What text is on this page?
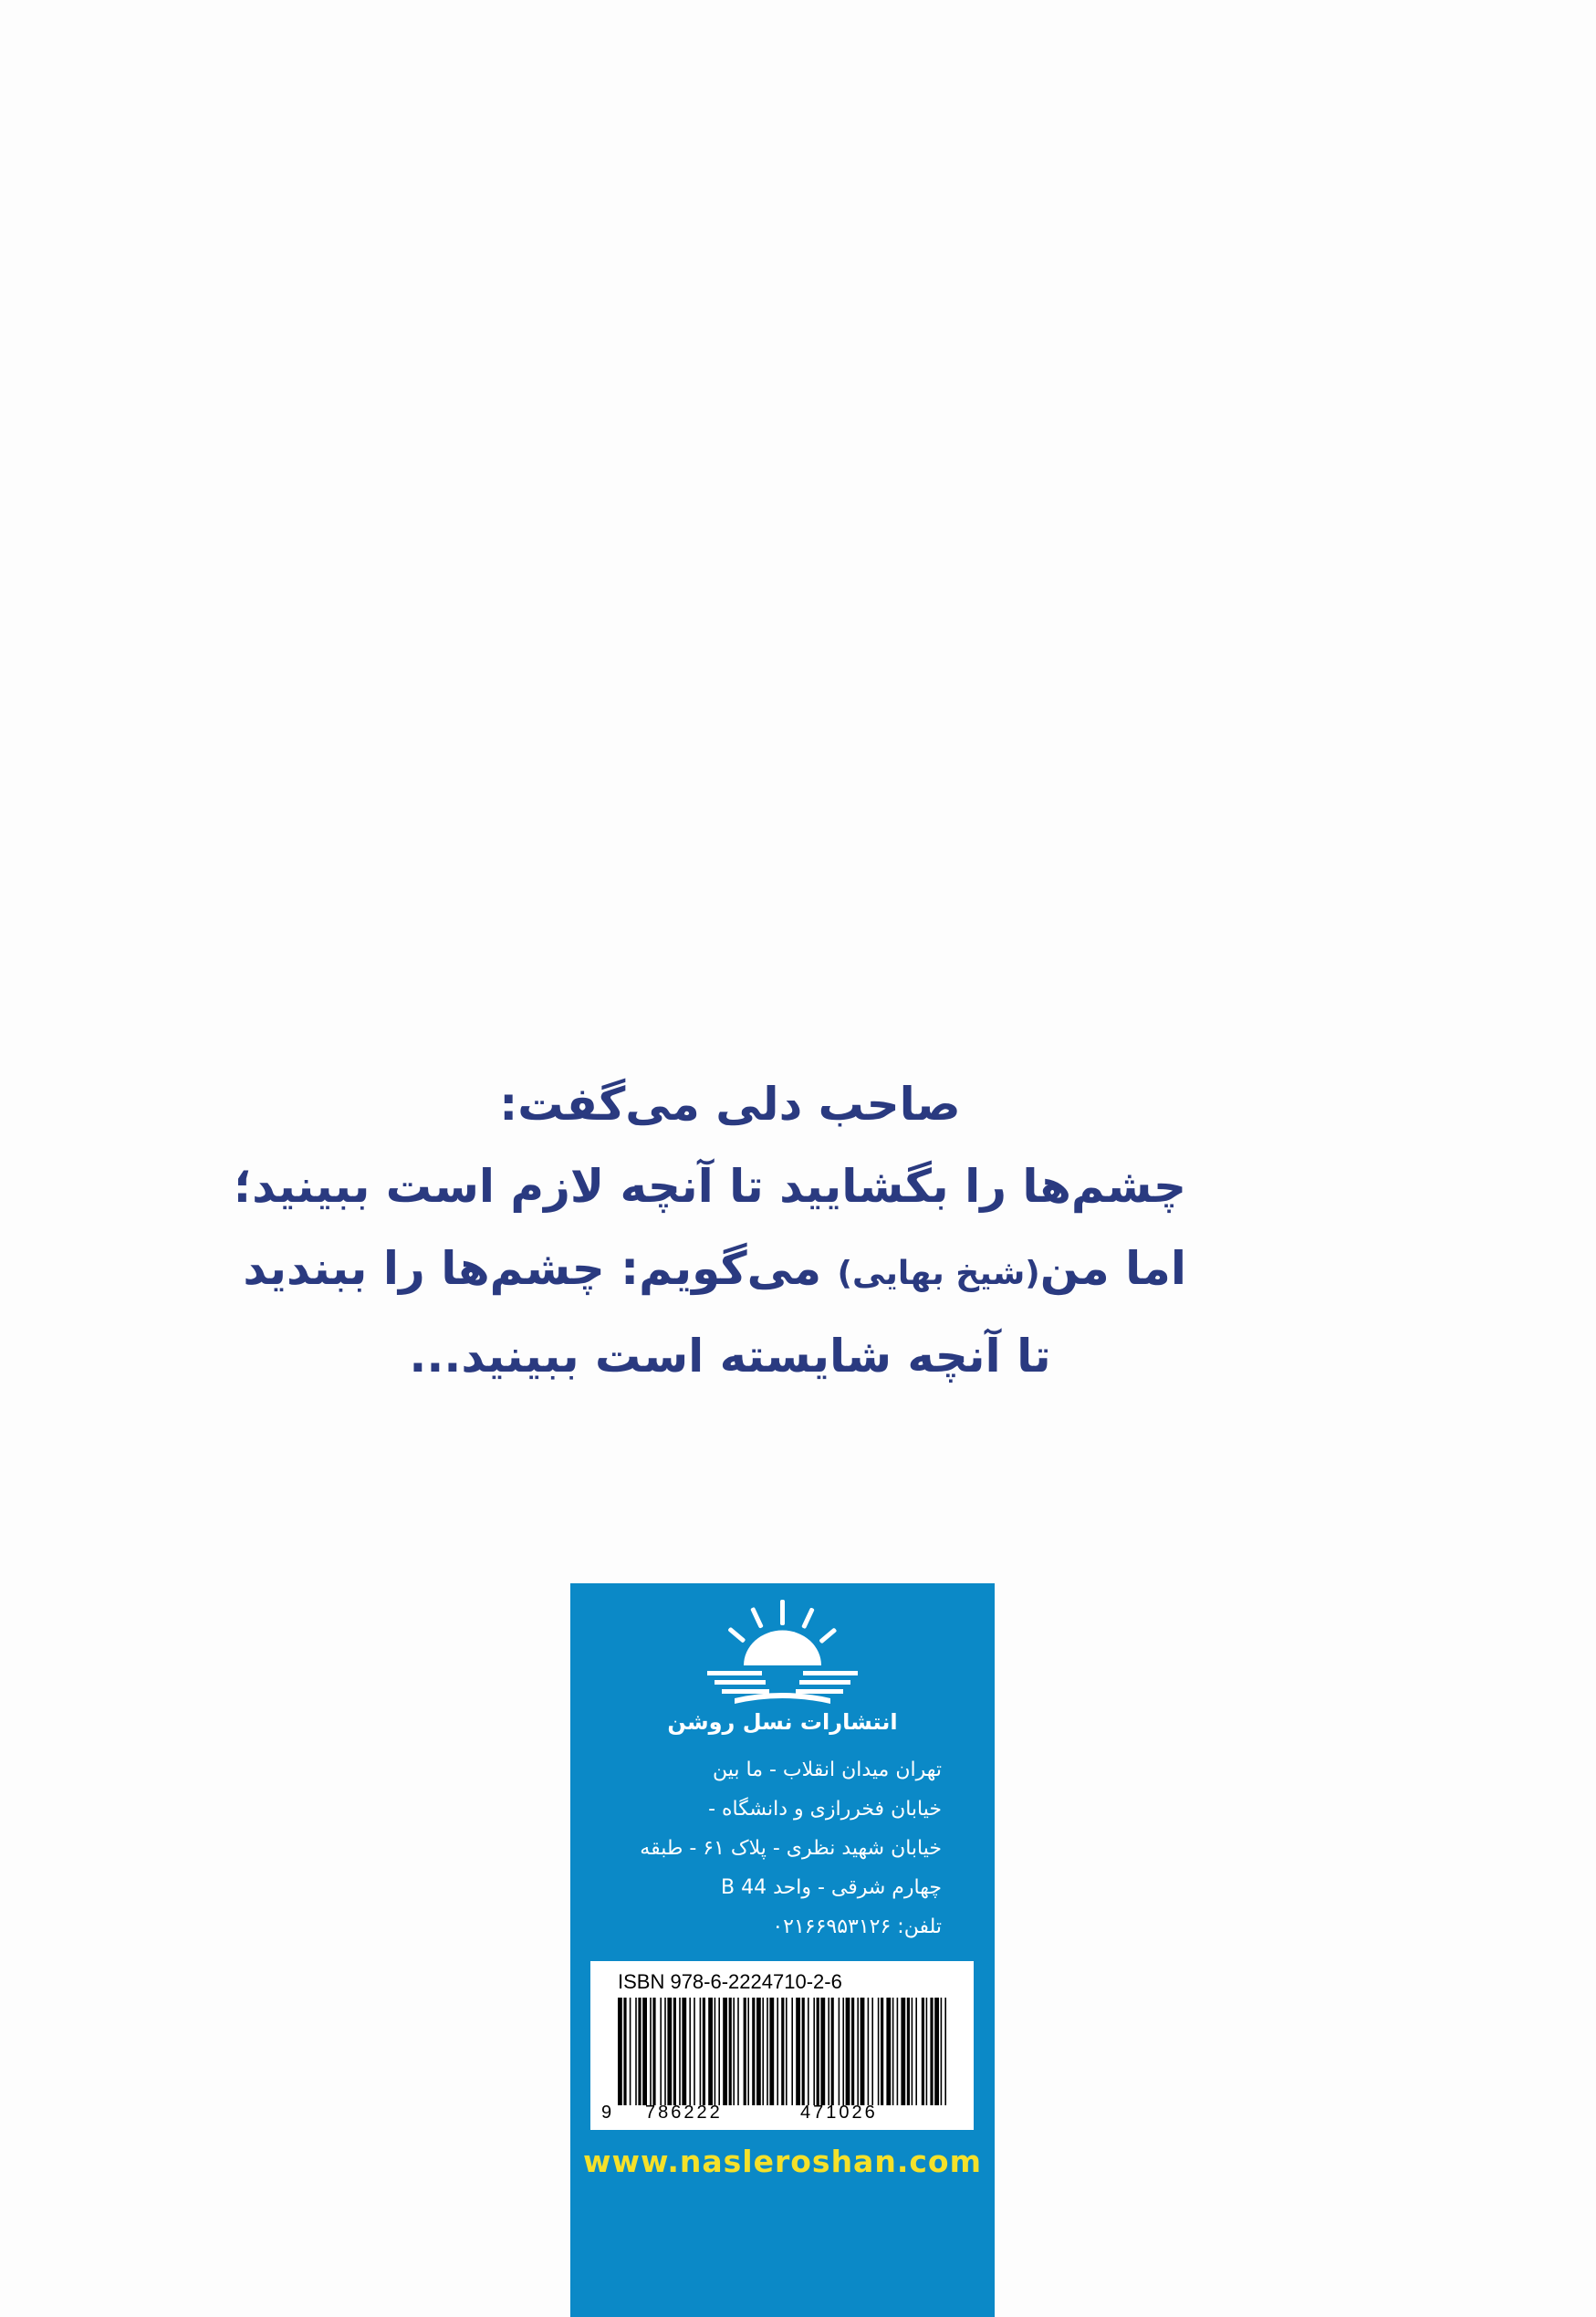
صاحب دلی می‌گفت:
چشم‌ها را بگشایید تا آنچه لازم است ببینید؛
اما من(شیخ بهایی) می‌گویم: چشم‌ها را ببندید
تا آنچه شایسته است ببینید...
انتشارات نسل روشن
تهران میدان انقلاب - ما بین
خیابان فخررازی و دانشگاه -
خیابان شهید نظری - پلاک ۶۱ - طبقه
چهارم شرقی - واحد 44 B
تلفن: ۰۲۱۶۶۹۵۳۱۲۶
ISBN 978-6-2224710-2-6
9 786222	471026
www.nasleroshan.com
